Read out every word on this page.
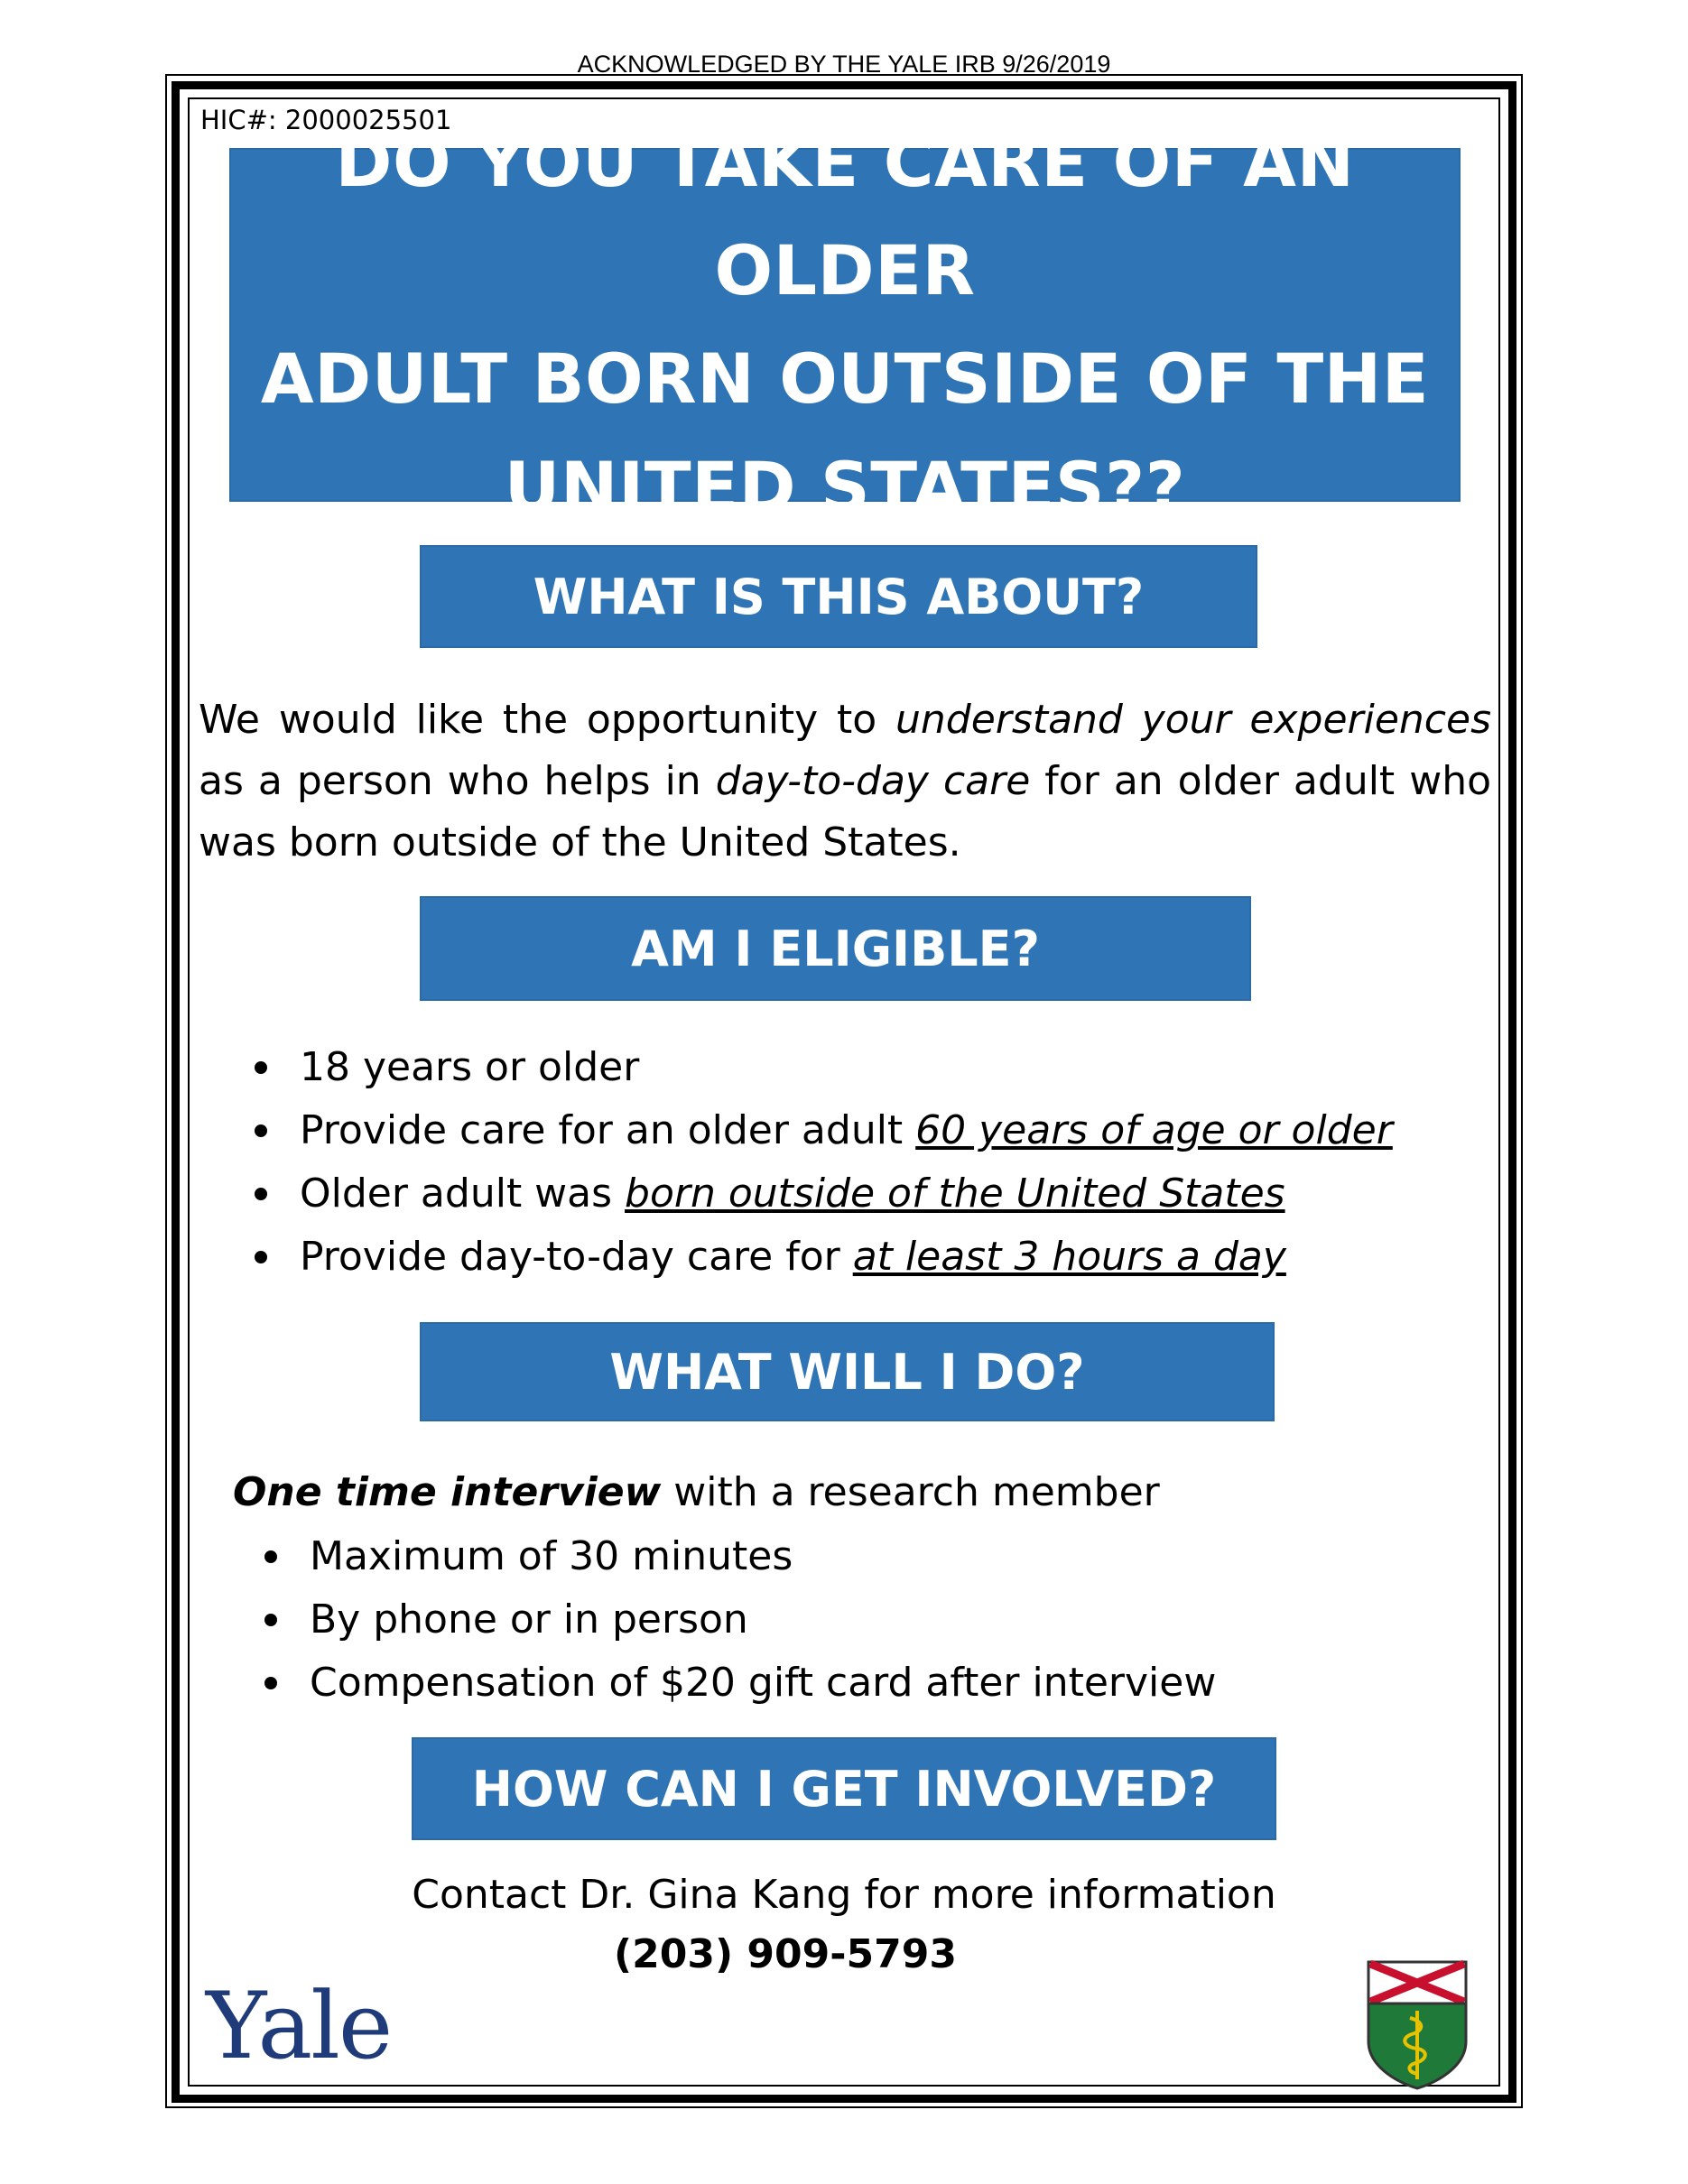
ACKNOWLEDGED BY THE YALE IRB 9/26/2019
HIC#: 2000025501
DO YOU TAKE CARE OF AN OLDER
ADULT BORN OUTSIDE OF THE
UNITED STATES??
WHAT IS THIS ABOUT?
We would like the opportunity to understand your experiences as a person who helps in day-to-day care for an older adult who was born outside of the United States.
AM I ELIGIBLE?
18 years or older
Provide care for an older adult 60 years of age or older
Older adult was born outside of the United States
Provide day-to-day care for at least 3 hours a day
WHAT WILL I DO?
One time interview with a research member
Maximum of 30 minutes
By phone or in person
Compensation of $20 gift card after interview
HOW CAN I GET INVOLVED?
Contact Dr. Gina Kang for more information
(203) 909-5793
Yale
